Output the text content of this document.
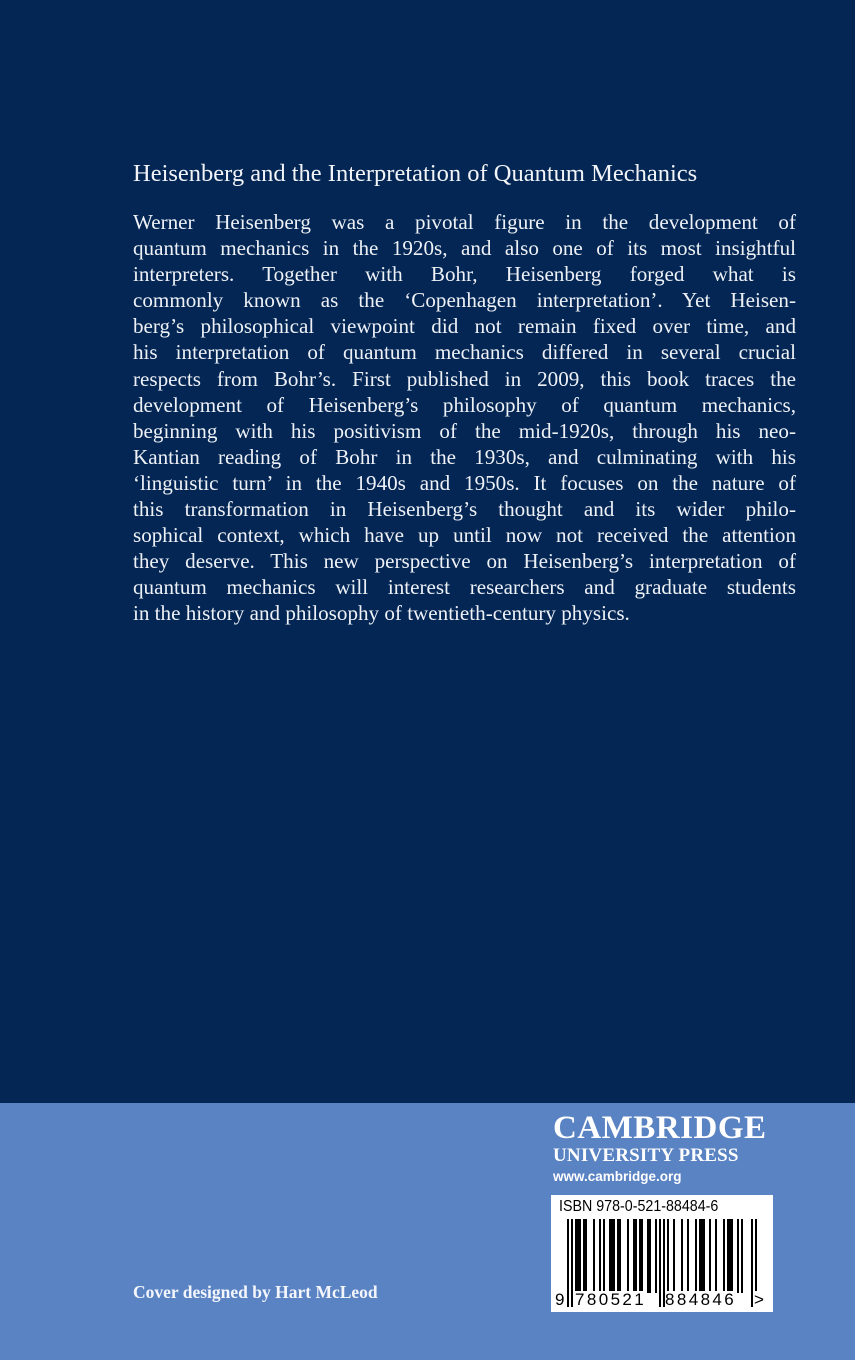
Heisenberg and the Interpretation of Quantum Mechanics
Werner Heisenberg was a pivotal figure in the development of
quantum mechanics in the 1920s, and also one of its most insightful
interpreters. Together with Bohr, Heisenberg forged what is
commonly known as the ‘Copenhagen interpretation’. Yet Heisen-
berg’s philosophical viewpoint did not remain fixed over time, and
his interpretation of quantum mechanics differed in several crucial
respects from Bohr’s. First published in 2009, this book traces the
development of Heisenberg’s philosophy of quantum mechanics,
beginning with his positivism of the mid-1920s, through his neo-
Kantian reading of Bohr in the 1930s, and culminating with his
‘linguistic turn’ in the 1940s and 1950s. It focuses on the nature of
this transformation in Heisenberg’s thought and its wider philo-
sophical context, which have up until now not received the attention
they deserve. This new perspective on Heisenberg’s interpretation of
quantum mechanics will interest researchers and graduate students
in the history and philosophy of twentieth-century physics.

Cover designed by Hart McLeod

CAMBRIDGE
UNIVERSITY PRESS
www.cambridge.org
ISBN 978-0-521-88484-6
9 780521 884846 >
